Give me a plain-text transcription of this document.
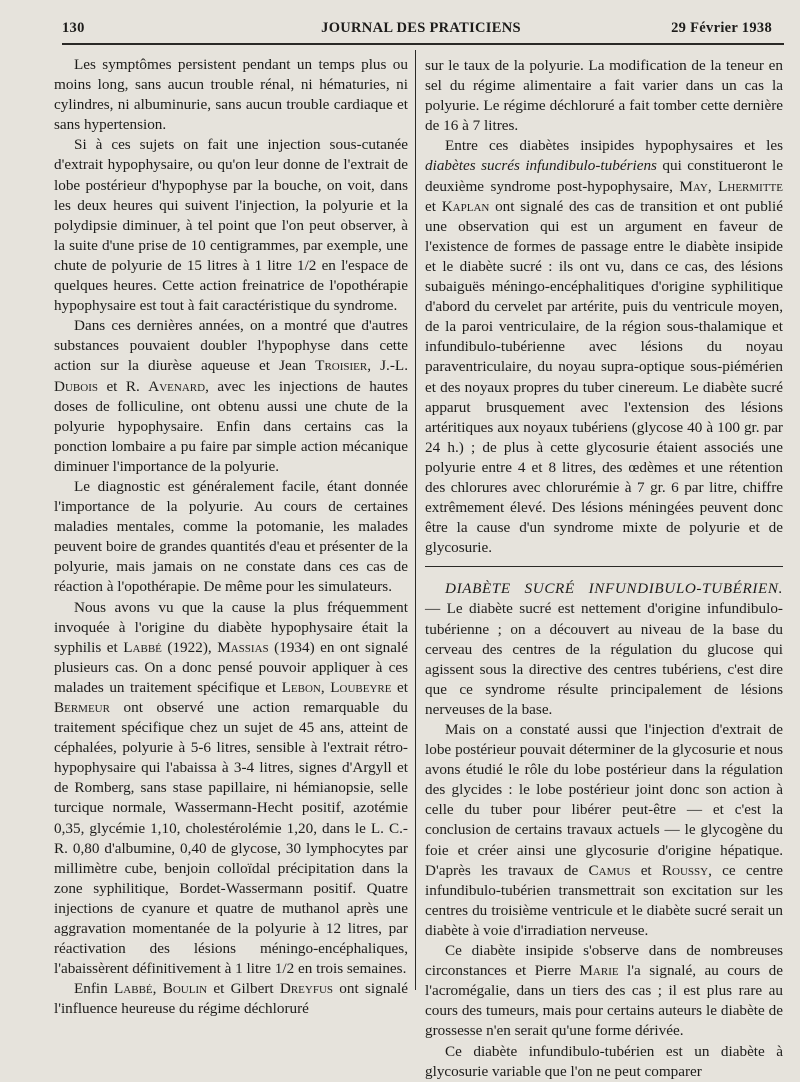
130	JOURNAL DES PRATICIENS	29 Février 1938

Les symptômes persistent pendant un temps plus ou moins long, sans aucun trouble rénal, ni hématuries, ni cylindres, ni albuminurie, sans aucun trouble cardiaque et sans hypertension.

Si à ces sujets on fait une injection sous-cutanée d'extrait hypophysaire, ou qu'on leur donne de l'extrait de lobe postérieur d'hypophyse par la bouche, on voit, dans les deux heures qui suivent l'injection, la polyurie et la polydipsie diminuer, à tel point que l'on peut observer, à la suite d'une prise de 10 centigrammes, par exemple, une chute de polyurie de 15 litres à 1 litre 1/2 en l'espace de quelques heures. Cette action freinatrice de l'opothérapie hypophysaire est tout à fait caractéristique du syndrome.

Dans ces dernières années, on a montré que d'autres substances pouvaient doubler l'hypophyse dans cette action sur la diurèse aqueuse et Jean Troisier, J.-L. Dubois et R. Avenard, avec les injections de hautes doses de folliculine, ont obtenu aussi une chute de la polyurie hypophysaire. Enfin dans certains cas la ponction lombaire a pu faire par simple action mécanique diminuer l'importance de la polyurie.

Le diagnostic est généralement facile, étant donnée l'importance de la polyurie. Au cours de certaines maladies mentales, comme la potomanie, les malades peuvent boire de grandes quantités d'eau et présenter de la polyurie, mais jamais on ne constate dans ces cas de réaction à l'opothérapie. De même pour les simulateurs.

Nous avons vu que la cause la plus fréquemment invoquée à l'origine du diabète hypophysaire était la syphilis et Labbé (1922), Massias (1934) en ont signalé plusieurs cas. On a donc pensé pouvoir appliquer à ces malades un traitement spécifique et Lebon, Loubeyre et Bermeur ont observé une action remarquable du traitement spécifique chez un sujet de 45 ans, atteint de céphalées, polyurie à 5-6 litres, sensible à l'extrait rétro-hypophysaire qui l'abaissa à 3-4 litres, signes d'Argyll et de Romberg, sans stase papillaire, ni hémianopsie, selle turcique normale, Wassermann-Hecht positif, azotémie 0,35, glycémie 1,10, cholestérolémie 1,20, dans le L. C.-R. 0,80 d'albumine, 0,40 de glycose, 30 lymphocytes par millimètre cube, benjoin colloïdal précipitation dans la zone syphilitique, Bordet-Wassermann positif. Quatre injections de cyanure et quatre de muthanol après une aggravation momentanée de la polyurie à 12 litres, par réactivation des lésions méningo-encéphaliques, l'abaissèrent définitivement à 1 litre 1/2 en trois semaines.

Enfin Labbé, Boulin et Gilbert Dreyfus ont signalé l'influence heureuse du régime déchloruré

sur le taux de la polyurie. La modification de la teneur en sel du régime alimentaire a fait varier dans un cas la polyurie. Le régime déchloruré a fait tomber cette dernière de 16 à 7 litres.

Entre ces diabètes insipides hypophysaires et les diabètes sucrés infundibulo-tubériens qui constitueront le deuxième syndrome post-hypophysaire, May, Lhermitte et Kaplan ont signalé des cas de transition et ont publié une observation qui est un argument en faveur de l'existence de formes de passage entre le diabète insipide et le diabète sucré : ils ont vu, dans ce cas, des lésions subaiguës méningo-encéphalitiques d'origine syphilitique d'abord du cervelet par artérite, puis du ventricule moyen, de la paroi ventriculaire, de la région sous-thalamique et infundibulo-tubérienne avec lésions du noyau paraventriculaire, du noyau supra-optique sous-piémérien et des noyaux propres du tuber cinereum. Le diabète sucré apparut brusquement avec l'extension des lésions artéritiques aux noyaux tubériens (glycose 40 à 100 gr. par 24 h.) ; de plus à cette glycosurie étaient associés une polyurie entre 4 et 8 litres, des œdèmes et une rétention des chlorures avec chlorurémie à 7 gr. 6 par litre, chiffre extrêmement élevé. Des lésions méningées peuvent donc être la cause d'un syndrome mixte de polyurie et de glycosurie.

DIABÈTE SUCRÉ INFUNDIBULO-TUBÉRIEN. — Le diabète sucré est nettement d'origine infundibulo-tubérienne ; on a découvert au niveau de la base du cerveau des centres de la régulation du glucose qui agissent sous la directive des centres tubériens, c'est dire que ce syndrome résulte principalement de lésions nerveuses de la base.

Mais on a constaté aussi que l'injection d'extrait de lobe postérieur pouvait déterminer de la glycosurie et nous avons étudié le rôle du lobe postérieur dans la régulation des glycides : le lobe postérieur joint donc son action à celle du tuber pour libérer peut-être — et c'est la conclusion de certains travaux actuels — le glycogène du foie et créer ainsi une glycosurie d'origine hépatique. D'après les travaux de Camus et Roussy, ce centre infundibulo-tubérien transmettrait son excitation sur les centres du troisième ventricule et le diabète sucré serait un diabète à voie d'irradiation nerveuse.

Ce diabète insipide s'observe dans de nombreuses circonstances et Pierre Marie l'a signalé, au cours de l'acromégalie, dans un tiers des cas ; il est plus rare au cours des tumeurs, mais pour certains auteurs le diabète de grossesse n'en serait qu'une forme dérivée.

Ce diabète infundibulo-tubérien est un diabète à glycosurie variable que l'on ne peut comparer
